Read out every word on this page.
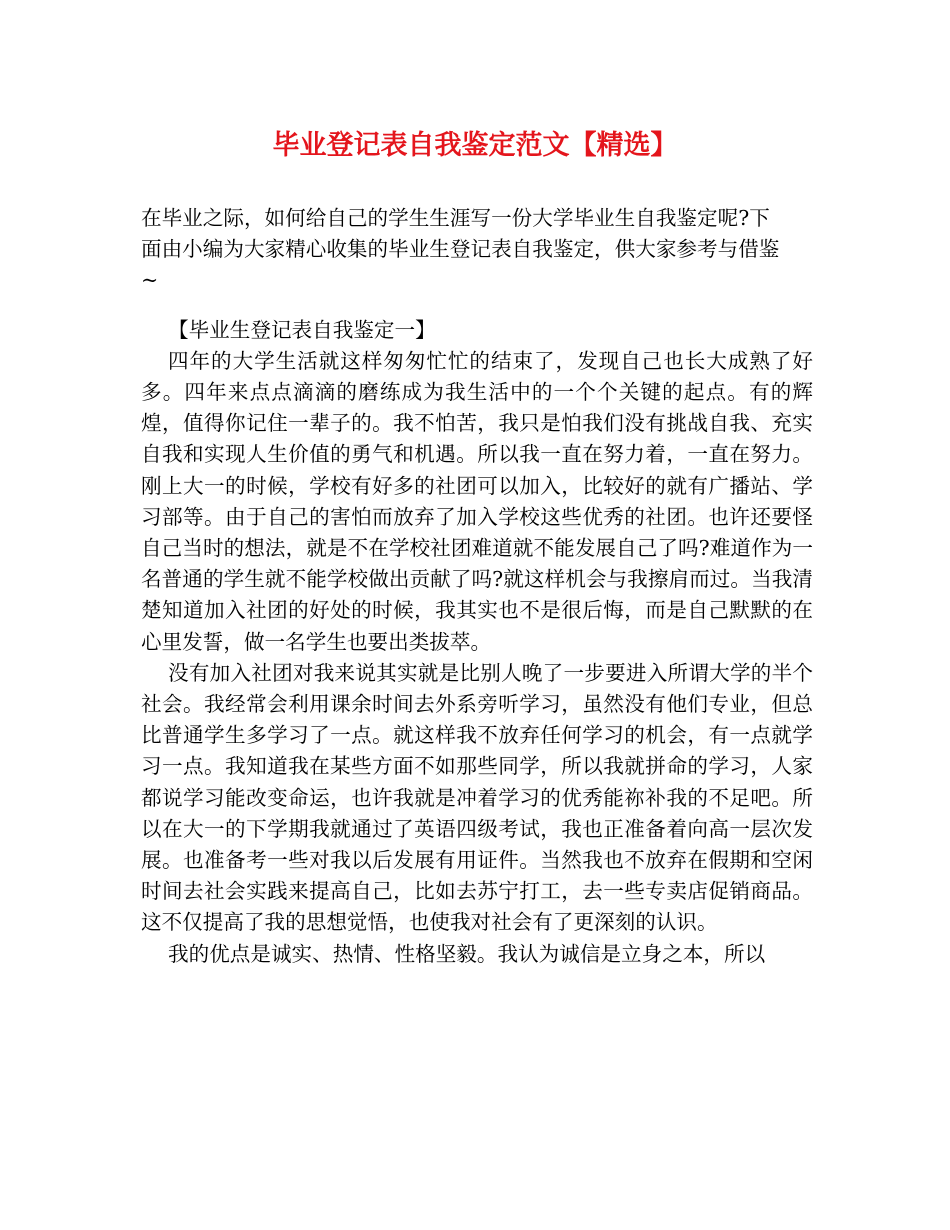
毕业登记表自我鉴定范文【精选】

在毕业之际，如何给自己的学生生涯写一份大学毕业生自我鉴定呢?下

面由小编为大家精心收集的毕业生登记表自我鉴定，供大家参考与借鉴

~

【毕业生登记表自我鉴定一】

四年的大学生活就这样匆匆忙忙的结束了，发现自己也长大成熟了好多。四年来点点滴滴的磨练成为我生活中的一个个关键的起点。有的辉煌，值得你记住一辈子的。我不怕苦，我只是怕我们没有挑战自我、充实自我和实现人生价值的勇气和机遇。所以我一直在努力着，一直在努力。刚上大一的时候，学校有好多的社团可以加入，比较好的就有广播站、学习部等。由于自己的害怕而放弃了加入学校这些优秀的社团。也许还要怪自己当时的想法，就是不在学校社团难道就不能发展自己了吗?难道作为一名普通的学生就不能学校做出贡献了吗?就这样机会与我擦肩而过。当我清楚知道加入社团的好处的时候，我其实也不是很后悔，而是自己默默的在心里发誓，做一名学生也要出类拔萃。

没有加入社团对我来说其实就是比别人晚了一步要进入所谓大学的半个社会。我经常会利用课余时间去外系旁听学习，虽然没有他们专业，但总比普通学生多学习了一点。就这样我不放弃任何学习的机会，有一点就学习一点。我知道我在某些方面不如那些同学，所以我就拼命的学习，人家都说学习能改变命运，也许我就是冲着学习的优秀能祢补我的不足吧。所以在大一的下学期我就通过了英语四级考试，我也正准备着向高一层次发展。也准备考一些对我以后发展有用证件。当然我也不放弃在假期和空闲时间去社会实践来提高自己，比如去苏宁打工，去一些专卖店促销商品。这不仅提高了我的思想觉悟，也使我对社会有了更深刻的认识。

我的优点是诚实、热情、性格坚毅。我认为诚信是立身之本，所以
